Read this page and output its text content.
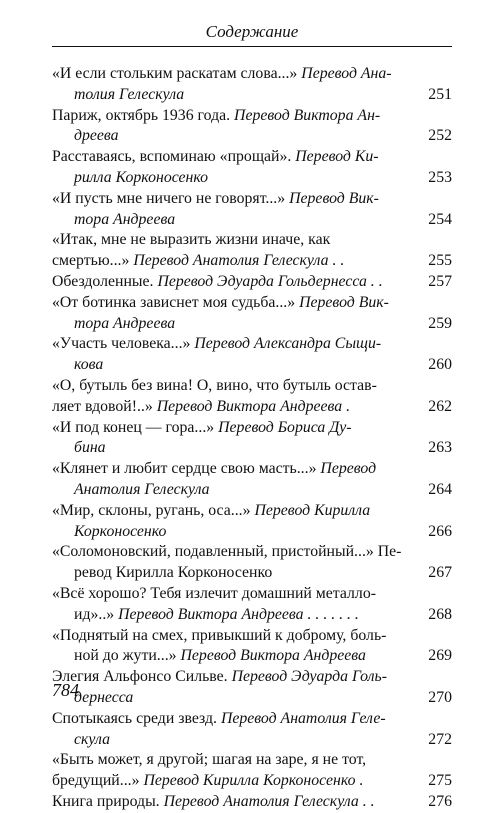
Содержание
«И если стольким раскатам слова...» Перевод Ана-
толия Гелескула	251
Париж, октябрь 1936 года. Перевод Виктора Ан-
дреева	252
Расставаясь, вспоминаю «прощай». Перевод Ки-
рилла Корконосенко	253
«И пусть мне ничего не говорят...» Перевод Вик-
тора Андреева	254
«Итак, мне не выразить жизни иначе, как
смертью...» Перевод Анатолия Гелескула . .	255
Обездоленные. Перевод Эдуарда Гольдернесса . .	257
«От ботинка зависнет моя судьба...» Перевод Вик-
тора Андреева	259
«Участь человека...» Перевод Александра Сыщи-
кова	260
«О, бутыль без вина! О, вино, что бутыль остав-
ляет вдовой!..» Перевод Виктора Андреева .	262
«И под конец — гора...» Перевод Бориса Ду-
бина	263
«Клянет и любит сердце свою масть...» Перевод
Анатолия Гелескула	264
«Мир, склоны, ругань, оса...» Перевод Кирилла
Корконосенко	266
«Соломоновский, подавленный, пристойный...» Пе-
ревод Кирилла Корконосенко	267
«Всё хорошо? Тебя излечит домашний металло-
ид»..» Перевод Виктора Андреева . . . . . . .	268
«Поднятый на смех, привыкший к доброму, боль-
ной до жути...» Перевод Виктора Андреева	269
Элегия Альфонсо Сильве. Перевод Эдуарда Голь-
дернесса	270
Спотыкаясь среди звезд. Перевод Анатолия Геле-
скула	272
«Быть может, я другой; шагая на заре, я не тот,
бредущий...» Перевод Кирилла Корконосенко .	275
Книга природы. Перевод Анатолия Гелескула . .	276
784
